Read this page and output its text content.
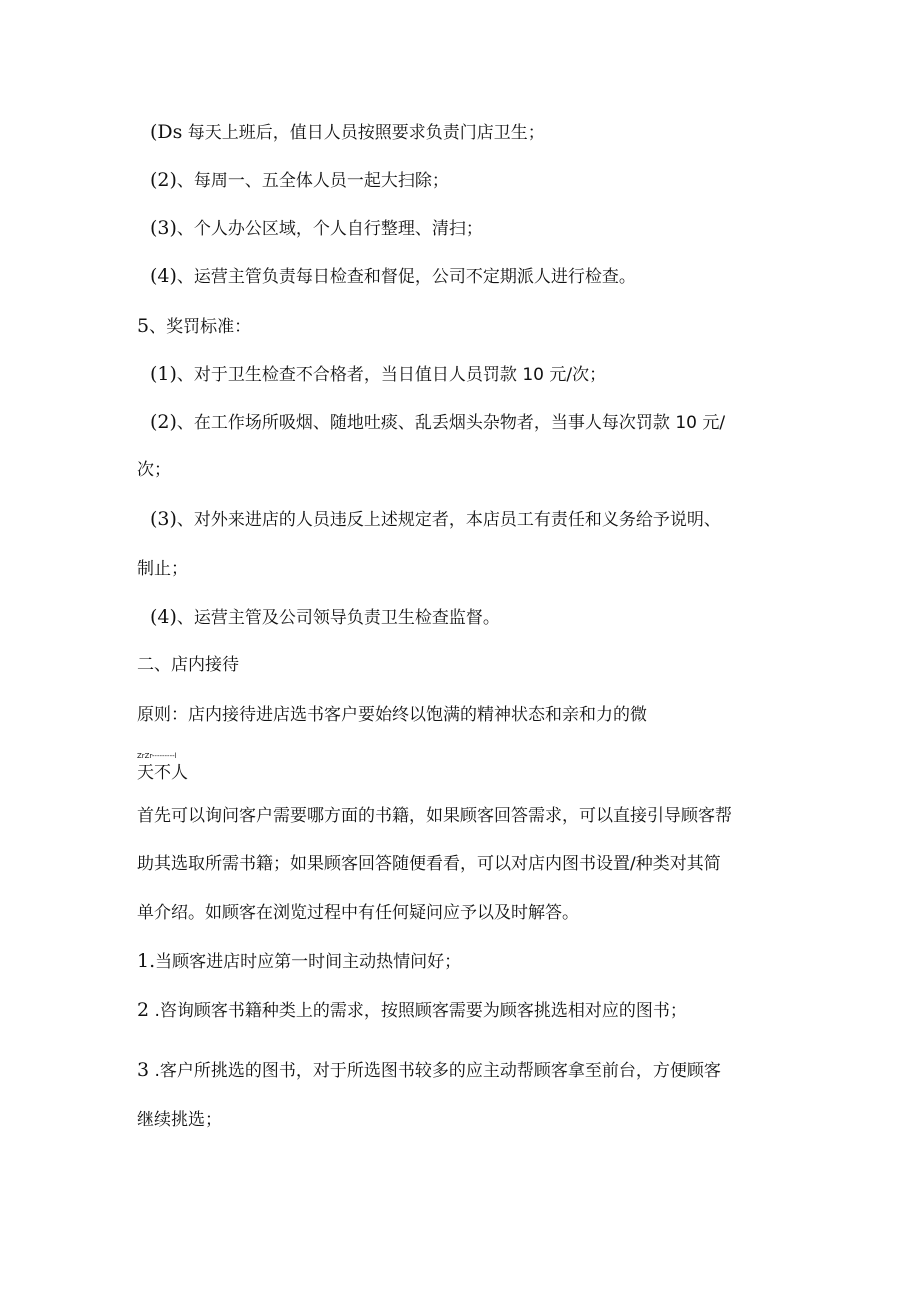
(Ds 每天上班后，值日人员按照要求负责门店卫生；
(2)、每周一、五全体人员一起大扫除；
(3)、个人办公区域，个人自行整理、清扫；
(4)、运营主管负责每日检查和督促，公司不定期派人进行检查。
5、奖罚标准：
(1)、对于卫生检查不合格者，当日值日人员罚款 10 元/次；
(2)、在工作场所吸烟、随地吐痰、乱丢烟头杂物者，当事人每次罚款 10 元/
次；
(3)、对外来进店的人员违反上述规定者，本店员工有责任和义务给予说明、
制止；
(4)、运营主管及公司领导负责卫生检查监督。
二、店内接待
原则：店内接待进店选书客户要始终以饱满的精神状态和亲和力的微
ZrZr---------l
天不人
首先可以询问客户需要哪方面的书籍，如果顾客回答需求，可以直接引导顾客帮
助其选取所需书籍；如果顾客回答随便看看，可以对店内图书设置/种类对其简
单介绍。如顾客在浏览过程中有任何疑问应予以及时解答。
1.当顾客进店时应第一时间主动热情问好；
2 .咨询顾客书籍种类上的需求，按照顾客需要为顾客挑选相对应的图书；
3 .客户所挑选的图书，对于所选图书较多的应主动帮顾客拿至前台，方便顾客
继续挑选；
